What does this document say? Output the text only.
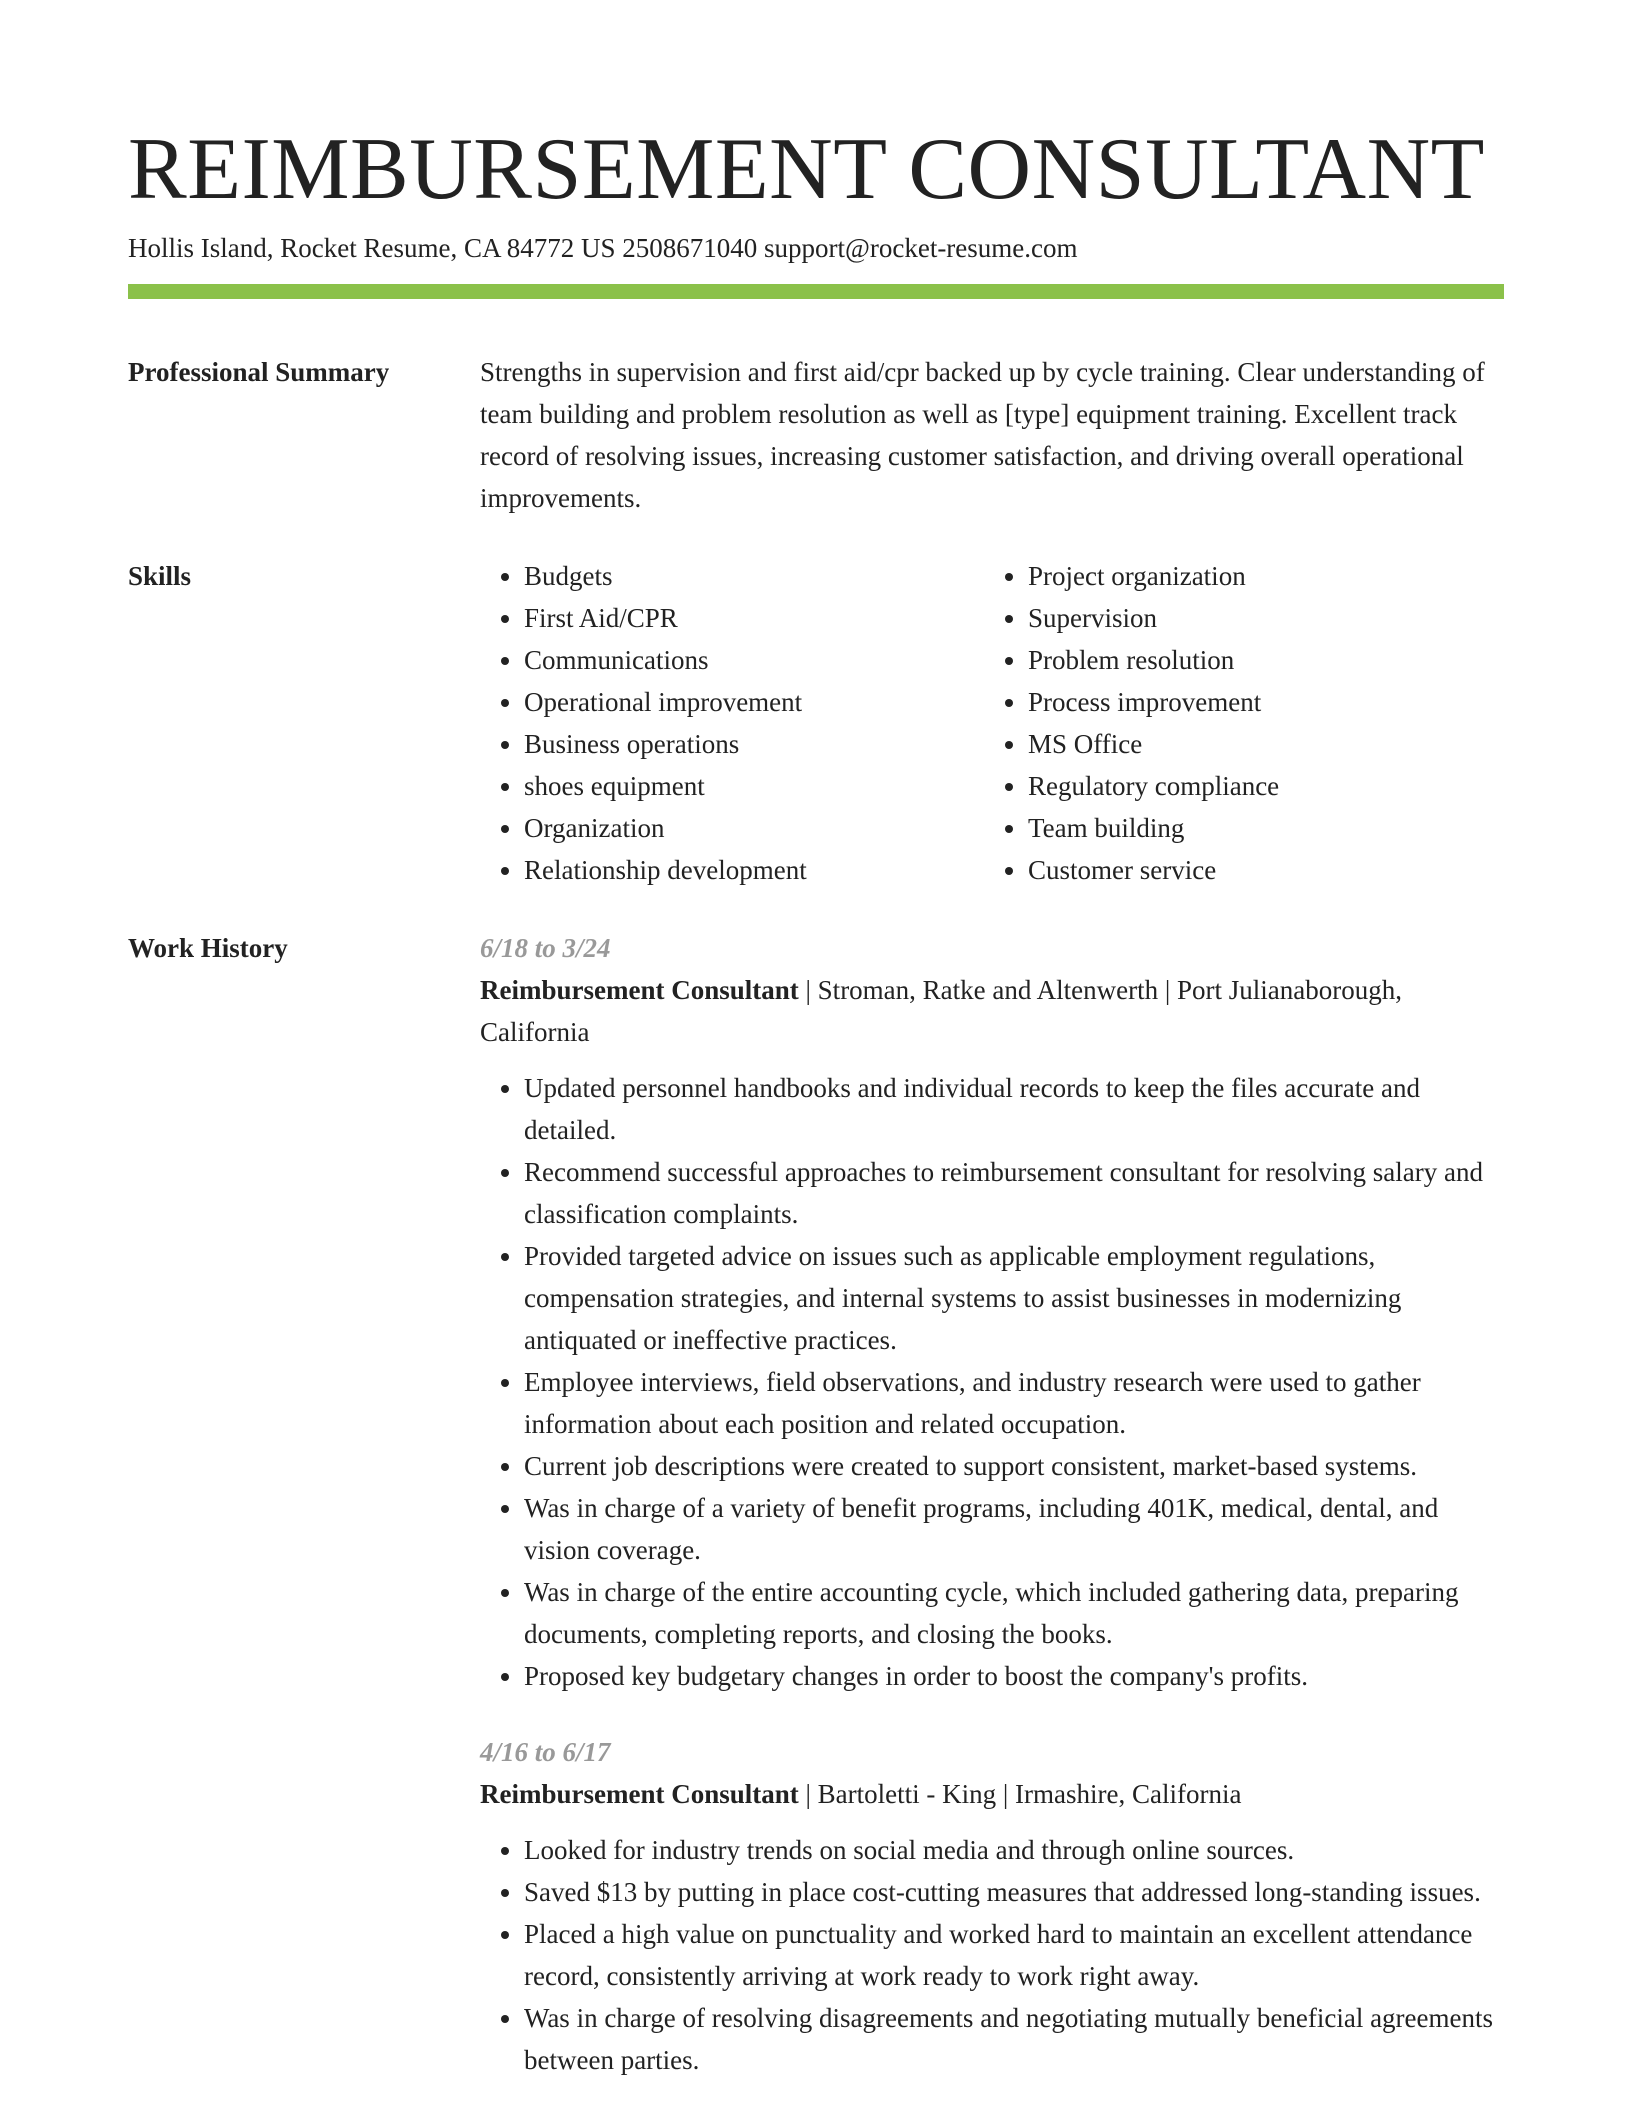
REIMBURSEMENT CONSULTANT
Hollis Island, Rocket Resume, CA 84772 US 2508671040 support@rocket-resume.com
Professional Summary	Strengths in supervision and first aid/cpr backed up by cycle training. Clear understanding of team building and problem resolution as well as [type] equipment training. Excellent track record of resolving issues, increasing customer satisfaction, and driving overall operational improvements.
Skills
•	Budgets
• First Aid/CPR
• Communications
• Operational improvement
• Business operations
• shoes equipment
• Organization
• Relationship development
• Project organization
• Supervision
• Problem resolution
• Process improvement
• MS Office
• Regulatory compliance
• Team building
• Customer service
Work History	6/18 to 3/24
Reimbursement Consultant | Stroman, Ratke and Altenwerth | Port Julianaborough, California
• Updated personnel handbooks and individual records to keep the files accurate and detailed.
• Recommend successful approaches to reimbursement consultant for resolving salary and classification complaints.
• Provided targeted advice on issues such as applicable employment regulations, compensation strategies, and internal systems to assist businesses in modernizing antiquated or ineffective practices.
• Employee interviews, field observations, and industry research were used to gather information about each position and related occupation.
• Current job descriptions were created to support consistent, market-based systems.
• Was in charge of a variety of benefit programs, including 401K, medical, dental, and vision coverage.
• Was in charge of the entire accounting cycle, which included gathering data, preparing documents, completing reports, and closing the books.
• Proposed key budgetary changes in order to boost the company's profits.
4/16 to 6/17
Reimbursement Consultant | Bartoletti - King | Irmashire, California
• Looked for industry trends on social media and through online sources.
• Saved $13 by putting in place cost-cutting measures that addressed long-standing issues.
• Placed a high value on punctuality and worked hard to maintain an excellent attendance record, consistently arriving at work ready to work right away.
• Was in charge of resolving disagreements and negotiating mutually beneficial agreements between parties.
